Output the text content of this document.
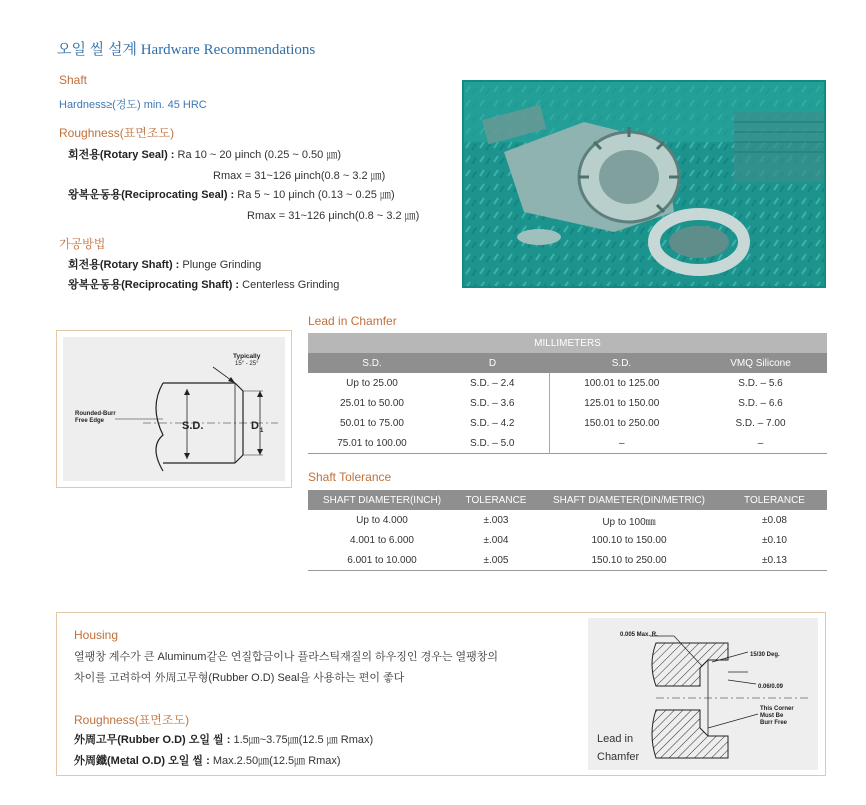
오일 씰 설계 Hardware Recommendations
Shaft
Hardness≥(경도) min. 45 HRC
Roughness(표면조도)
회전용(Rotary Seal) : Ra 10 ~ 20 μinch (0.25 ~ 0.50 ㎛)
Rmax = 31~126 μinch(0.8 ~ 3.2 ㎛)
왕복운동용(Reciprocating Seal) : Ra 5 ~ 10 μinch (0.13 ~ 0.25 ㎛)
Rmax = 31~126 μinch(0.8 ~ 3.2 ㎛)
가공방법
회전용(Rotary Shaft) : Plunge Grinding
왕복운동용(Reciprocating Shaft) : Centerless Grinding
Typically
15° - 25°
Rounded-Burr
Free Edge	S.D.	D 1
Lead in Chamfer
MILLIMETERS			
S.D.	D	S.D.	VMQ Silicone
Up to 25.00	S.D. – 2.4	100.01 to 125.00	S.D. – 5.6
25.01 to 50.00	S.D. – 3.6	125.01 to 150.00	S.D. – 6.6
50.01 to 75.00	S.D. – 4.2	150.01 to 250.00	S.D. – 7.00
75.01 to 100.00	S.D. – 5.0	–	–
Shaft Tolerance
SHAFT DIAMETER(INCH)	TOLERANCE	SHAFT DIAMETER(DIN/METRIC)	TOLERANCE
Up to 4.000	±.003	Up to 100㎜	±0.08
4.001 to 6.000	±.004	100.10 to 150.00	±0.10
6.001 to 10.000	±.005	150.10 to 250.00	±0.13
Housing
열팽창 계수가 큰 Aluminum같은 연질합금이나 플라스틱재질의 하우징인 경우는 열팽창의
차이를 고려하여 外周고무형(Rubber O.D) Seal을 사용하는 편이 좋다
Roughness(표면조도)
外周고무(Rubber O.D) 오일 씰 : 1.5㎛~3.75㎛(12.5 ㎛ Rmax)
外周鐵(Metal O.D) 오일 씰 : Max.2.50㎛(12.5㎛ Rmax)
0.005 Max. R.
15/30 Deg.
0.06/0.09
This Corner
Must Be
Burr Free
Lead in
Chamfer
